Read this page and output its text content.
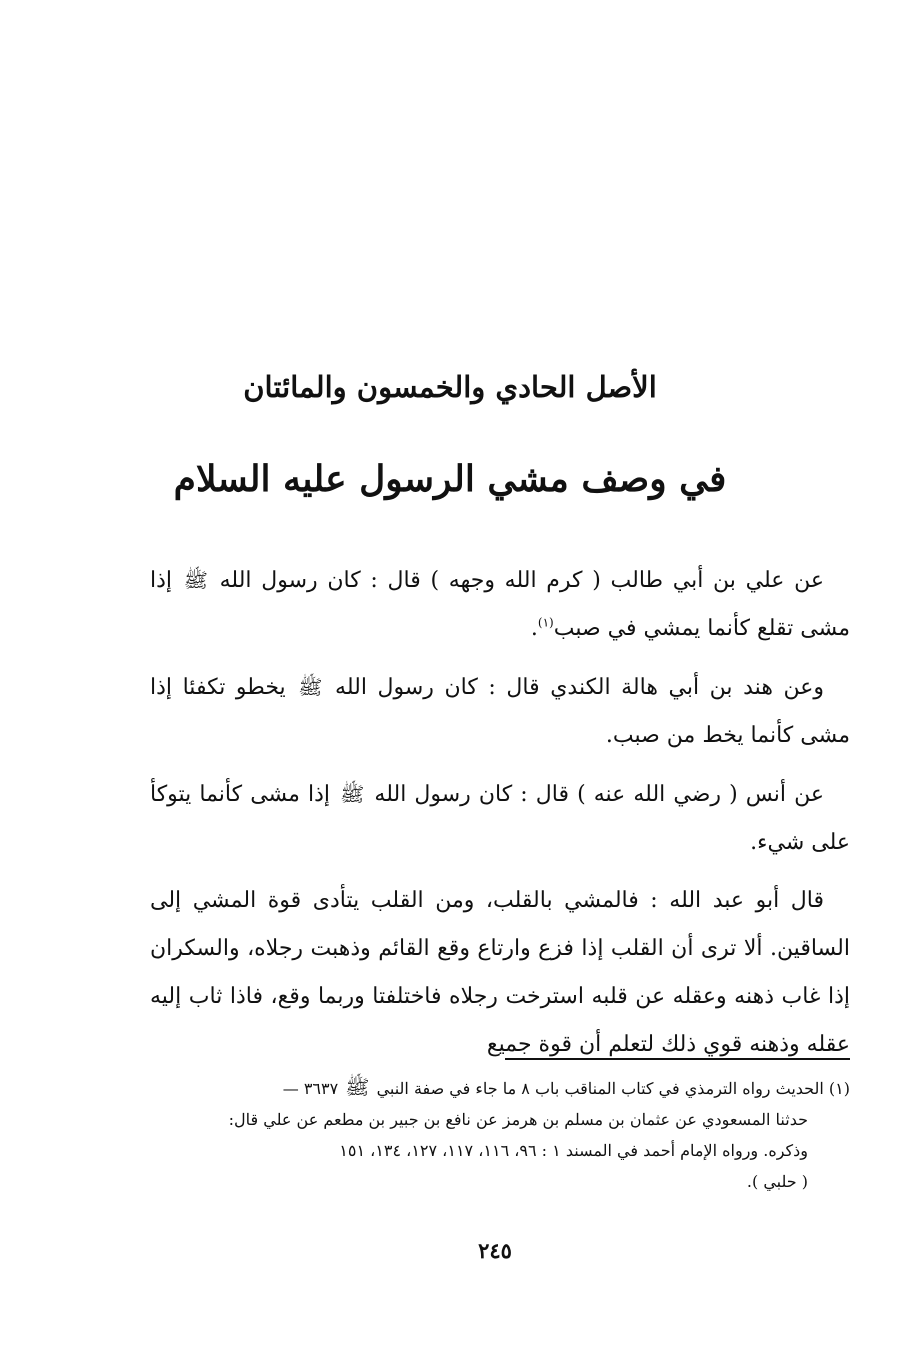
الأصل الحادي والخمسون والمائتان
في وصف مشي الرسول عليه السلام

عن علي بن أبي طالب ( كرم الله وجهه ) قال : كان رسول الله ﷺ إذا مشى تقلع كأنما يمشي في صبب$^{(١)}$.

وعن هند بن أبي هالة الكندي قال : كان رسول الله ﷺ يخطو تكفئا إذا مشى كأنما يخط من صبب.

عن أنس ( رضي الله عنه ) قال : كان رسول الله ﷺ إذا مشى كأنما يتوكأ على شيء.

قال أبو عبد الله : فالمشي بالقلب، ومن القلب يتأدى قوة المشي إلى الساقين. ألا ترى أن القلب إذا فزع وارتاع وقع القائم وذهبت رجلاه، والسكران إذا غاب ذهنه وعقله عن قلبه استرخت رجلاه فاختلفتا وربما وقع، فاذا ثاب إليه عقله وذهنه قوي ذلك لتعلم أن قوة جميع

(١) الحديث رواه الترمذي في كتاب المناقب باب ٨ ما جاء في صفة النبي ﷺ ٣٦٣٧ —

حدثنا المسعودي عن عثمان بن مسلم بن هرمز عن نافع بن جبير بن مطعم عن علي قال:

وذكره. ورواه الإمام أحمد في المسند ١ : ٩٦، ١١٦، ١١٧، ١٢٧، ١٣٤، ١٥١

( حلبي ).

٢٤٥
